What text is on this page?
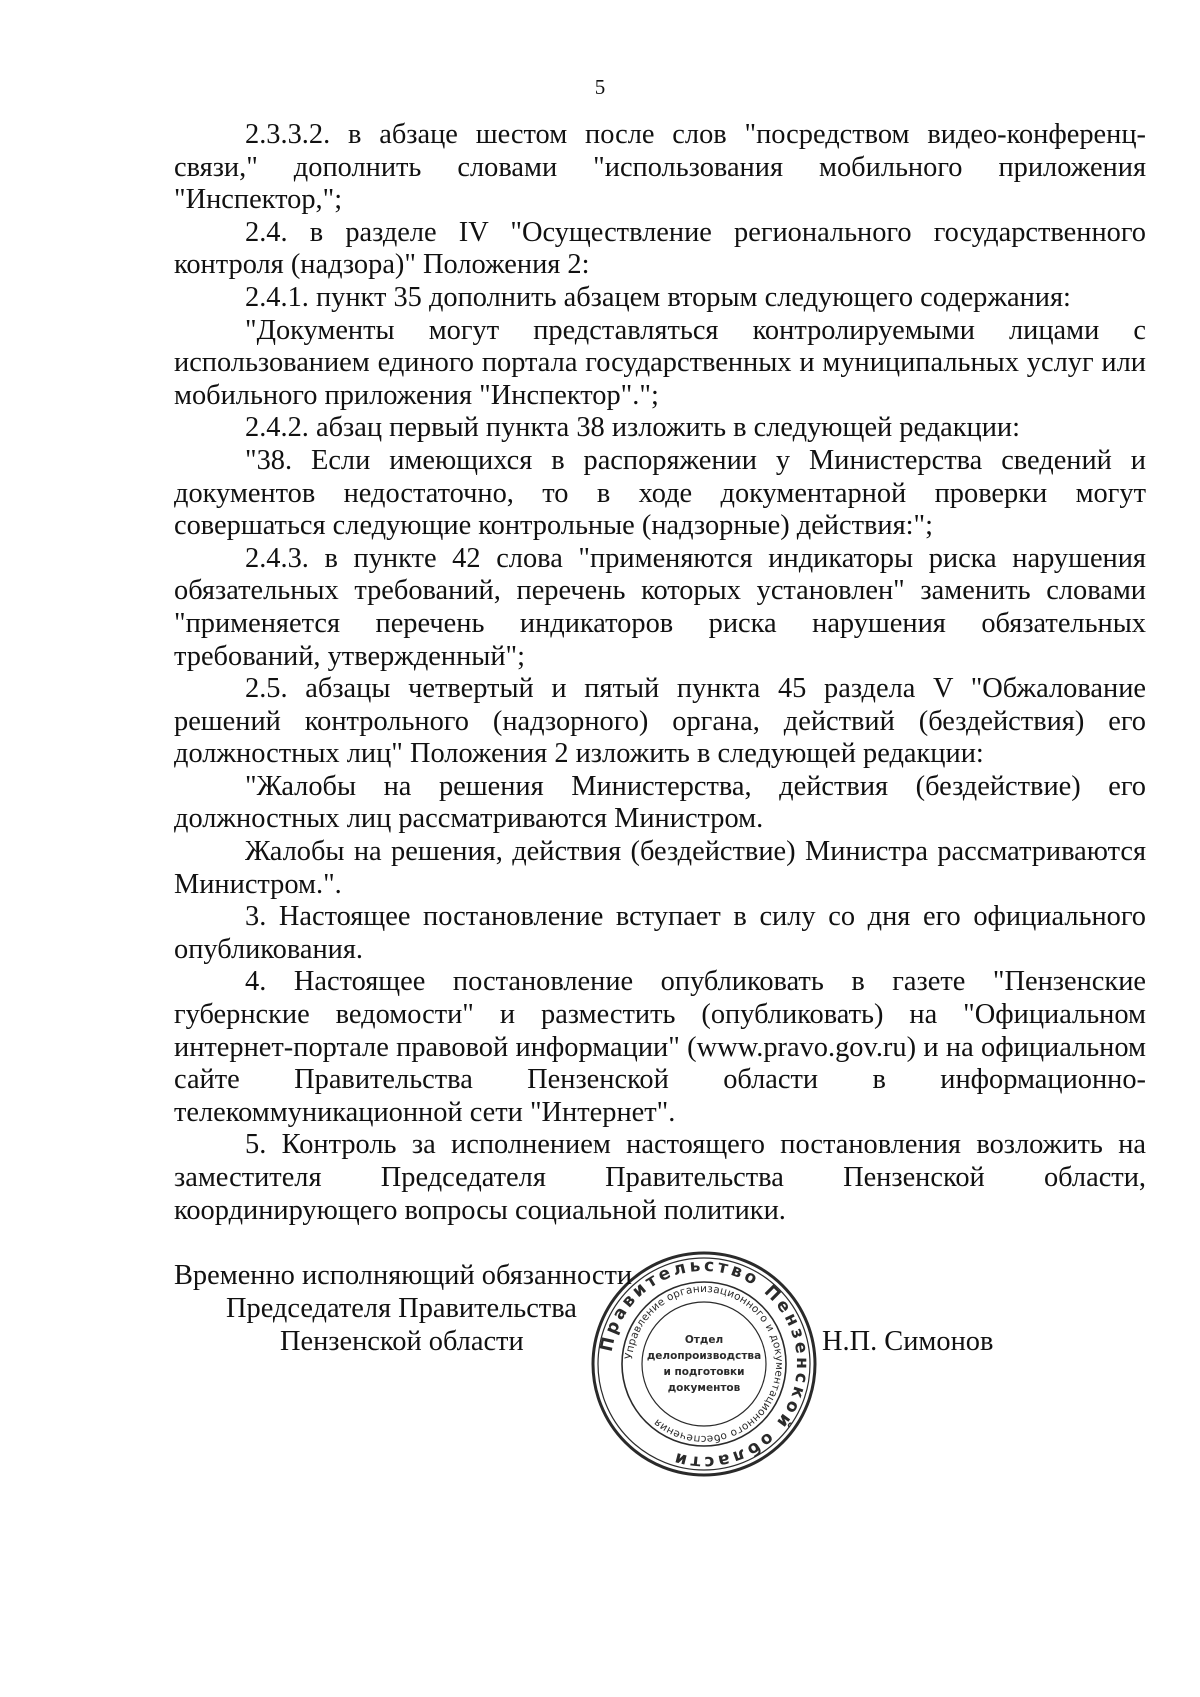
5

2.3.3.2. в абзаце шестом после слов "посредством видео-конференц-связи," дополнить словами "использования мобильного приложения "Инспектор,";

2.4. в разделе IV "Осуществление регионального государственного контроля (надзора)" Положения 2:

2.4.1. пункт 35 дополнить абзацем вторым следующего содержания:

"Документы могут представляться контролируемыми лицами с использованием единого портала государственных и муниципальных услуг или мобильного приложения "Инспектор".";

2.4.2. абзац первый пункта 38 изложить в следующей редакции:

"38. Если имеющихся в распоряжении у Министерства сведений и документов недостаточно, то в ходе документарной проверки могут совершаться следующие контрольные (надзорные) действия:";

2.4.3. в пункте 42 слова "применяются индикаторы риска нарушения обязательных требований, перечень которых установлен" заменить словами "применяется перечень индикаторов риска нарушения обязательных требований, утвержденный";

2.5. абзацы четвертый и пятый пункта 45 раздела V "Обжалование решений контрольного (надзорного) органа, действий (бездействия) его должностных лиц" Положения 2 изложить в следующей редакции:

"Жалобы на решения Министерства, действия (бездействие) его должностных лиц рассматриваются Министром.

Жалобы на решения, действия (бездействие) Министра рассматриваются Министром.".

3. Настоящее постановление вступает в силу со дня его официального опубликования.

4. Настоящее постановление опубликовать в газете "Пензенские губернские ведомости" и разместить (опубликовать) на "Официальном интернет-портале правовой информации" (www.pravo.gov.ru) и на официальном сайте Правительства Пензенской области в информационно-телекоммуникационной сети "Интернет".

5. Контроль за исполнением настоящего постановления возложить на заместителя Председателя Правительства Пензенской области, координирующего вопросы социальной политики.

Правительство Пензенской области
Управление организационного и документационного обеспечения
Отдел
делопроизводства
и подготовки
документов
Временно исполняющий обязанности
Председателя Правительства
Пензенской области	Н.П. Симонов
